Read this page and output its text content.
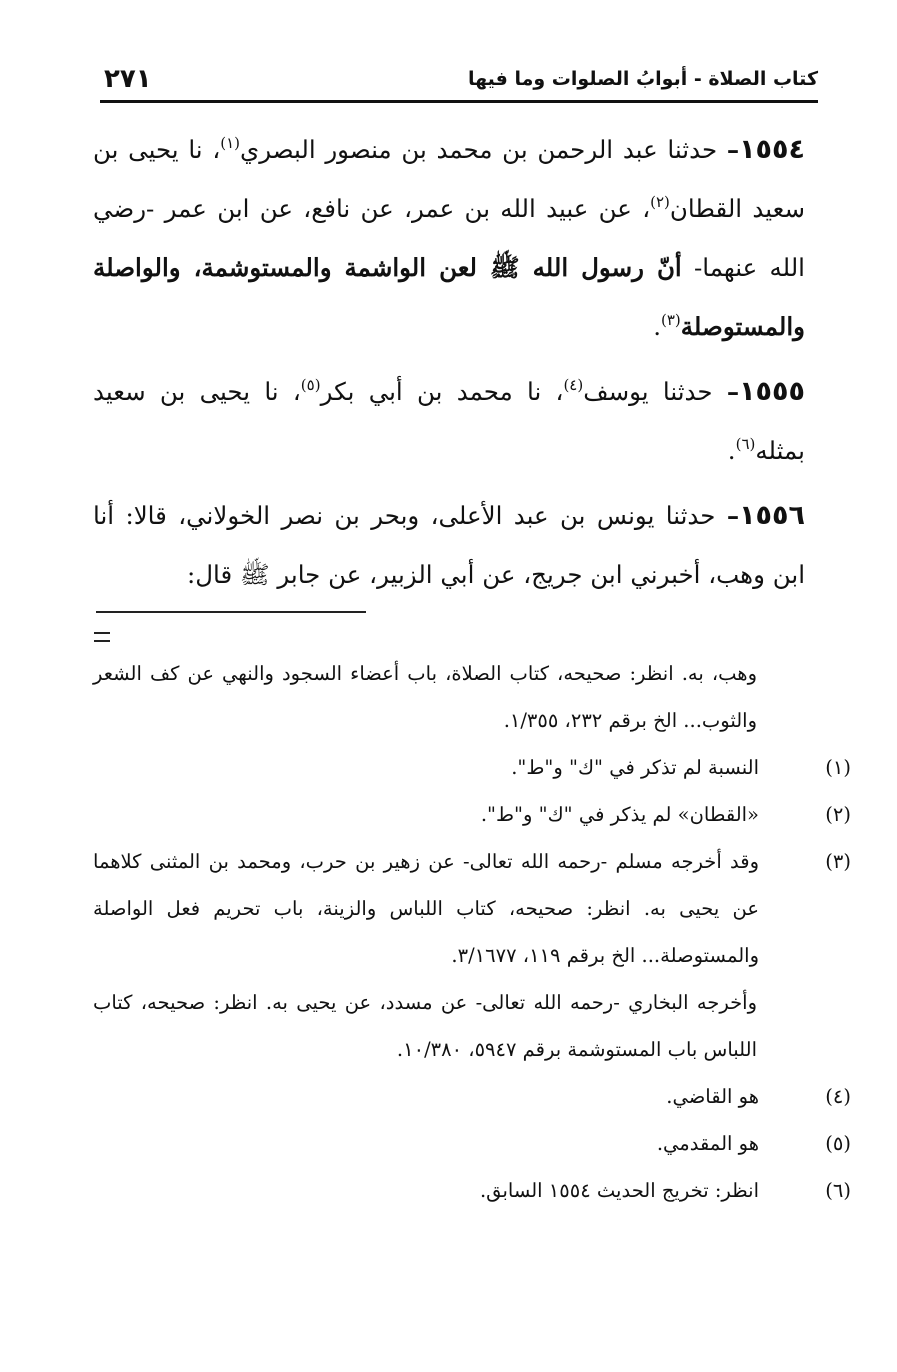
كتاب الصلاة - أبوابُ الصلوات وما فيها
٢٧١

١٥٥٤– حدثنا عبد الرحمن بن محمد بن منصور البصري$^{(١)}$، نا يحيى بن سعيد القطان$^{(٢)}$، عن عبيد الله بن عمر، عن نافع، عن ابن عمر -رضي الله عنهما- أنّ رسول الله ﷺ لعن الواشمة والمستوشمة، والواصلة والمستوصلة$^{(٣)}$.

١٥٥٥– حدثنا يوسف$^{(٤)}$، نا محمد بن أبي بكر$^{(٥)}$، نا يحيى بن سعيد بمثله$^{(٦)}$.

١٥٥٦– حدثنا يونس بن عبد الأعلى، وبحر بن نصر الخولاني، قالا: أنا ابن وهب، أخبرني ابن جريج، عن أبي الزبير، عن جابر ﷺ قال:

وهب، به. انظر: صحيحه، كتاب الصلاة، باب أعضاء السجود والنهي عن كف الشعر والثوب... الخ برقم ٢٣٢، ١/٣٥٥.

(١)النسبة لم تذكر في "ك" و"ط".

(٢)«القطان» لم يذكر في "ك" و"ط".

(٣)وقد أخرجه مسلم -رحمه الله تعالى- عن زهير بن حرب، ومحمد بن المثنى كلاهما عن يحيى به. انظر: صحيحه، كتاب اللباس والزينة، باب تحريم فعل الواصلة والمستوصلة... الخ برقم ١١٩، ٣/١٦٧٧.

وأخرجه البخاري -رحمه الله تعالى- عن مسدد، عن يحيى به. انظر: صحيحه، كتاب اللباس باب المستوشمة برقم ٥٩٤٧، ١٠/٣٨٠.

(٤)هو القاضي.

(٥)هو المقدمي.

(٦)انظر: تخريج الحديث ١٥٥٤ السابق.
